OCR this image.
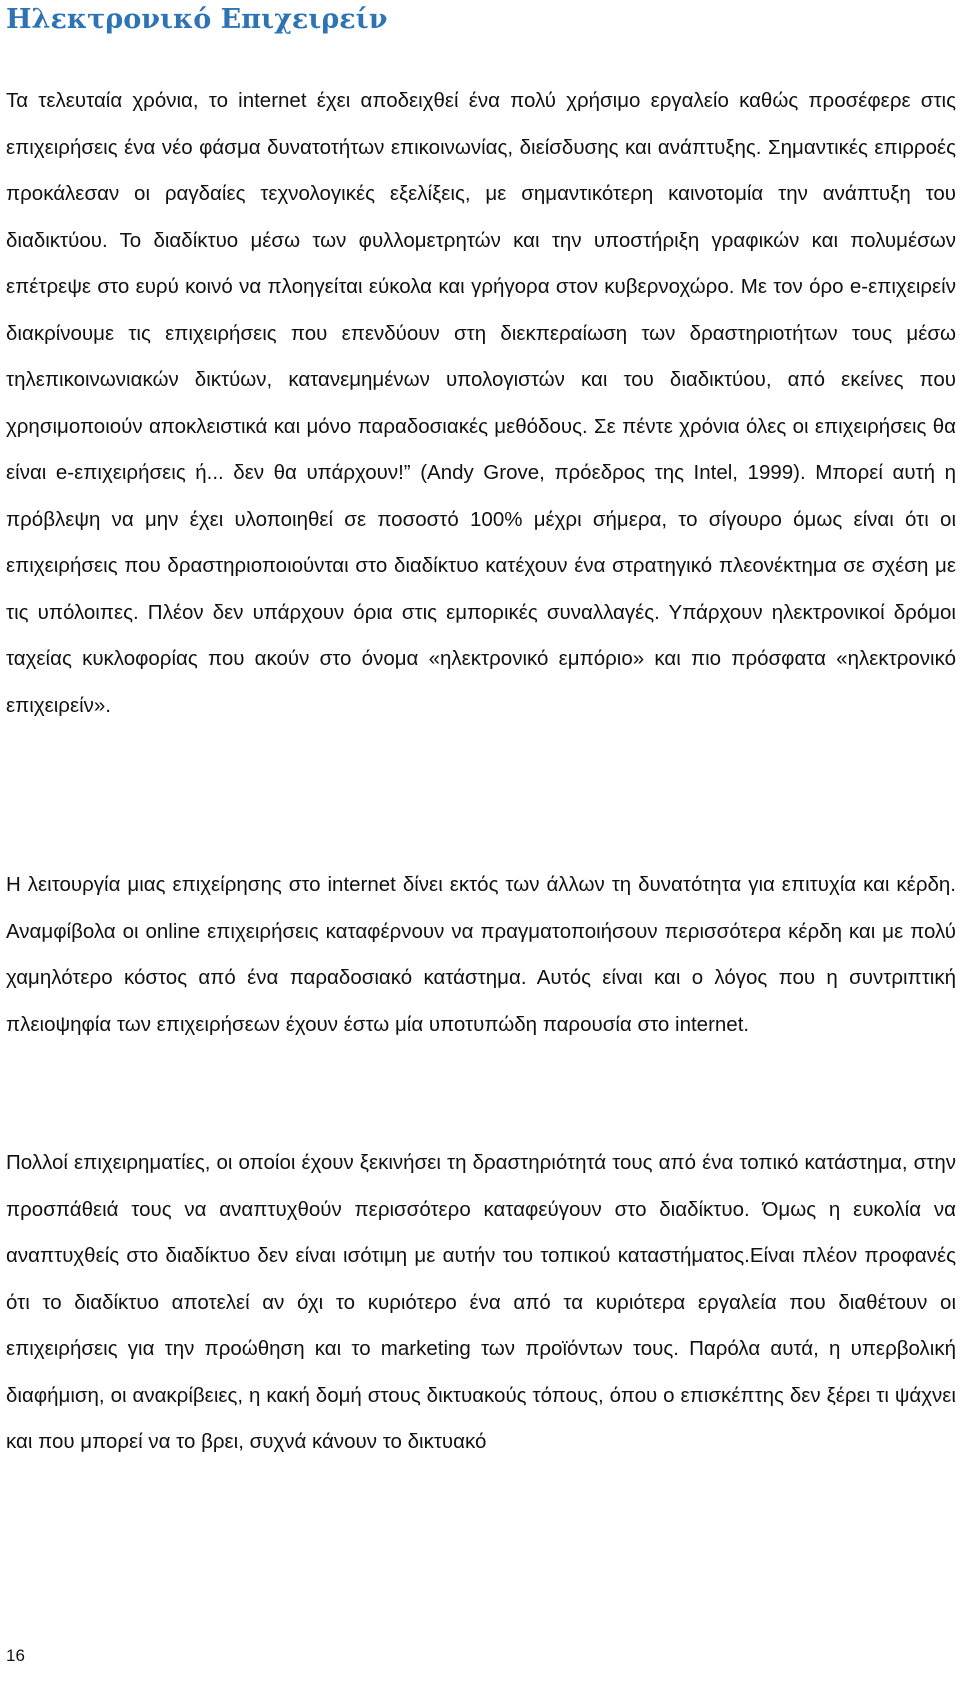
Ηλεκτρονικό Επιχειρείν

Τα τελευταία χρόνια, το internet έχει αποδειχθεί ένα πολύ χρήσιμο εργαλείο καθώς προσέφερε στις επιχειρήσεις ένα νέο φάσμα δυνατοτήτων επικοινωνίας, διείσδυσης και ανάπτυξης. Σημαντικές επιρροές προκάλεσαν οι ραγδαίες τεχνολογικές εξελίξεις, με σημαντικότερη καινοτομία την ανάπτυξη του διαδικτύου. Το διαδίκτυο μέσω των φυλλομετρητών και την υποστήριξη γραφικών και πολυμέσων επέτρεψε στο ευρύ κοινό να πλοηγείται εύκολα και γρήγορα στον κυβερνοχώρο. Με τον όρο e-επιχειρείν διακρίνουμε τις επιχειρήσεις που επενδύουν στη διεκπεραίωση των δραστηριοτήτων τους μέσω τηλεπικοινωνιακών δικτύων, κατανεμημένων υπολογιστών και του διαδικτύου, από εκείνες που χρησιμοποιούν αποκλειστικά και μόνο παραδοσιακές μεθόδους. Σε πέντε χρόνια όλες οι επιχειρήσεις θα είναι e-επιχειρήσεις ή... δεν θα υπάρχουν!” (Andy Grove, πρόεδρος της Intel, 1999). Μπορεί αυτή η πρόβλεψη να μην έχει υλοποιηθεί σε ποσοστό 100% μέχρι σήμερα, το σίγουρο όμως είναι ότι οι επιχειρήσεις που δραστηριοποιούνται στο διαδίκτυο κατέχουν ένα στρατηγικό πλεονέκτημα σε σχέση με τις υπόλοιπες. Πλέον δεν υπάρχουν όρια στις εμπορικές συναλλαγές. Υπάρχουν ηλεκτρονικοί δρόμοι ταχείας κυκλοφορίας που ακούν στο όνομα «ηλεκτρονικό εμπόριο» και πιο πρόσφατα «ηλεκτρονικό επιχειρείν».

Η λειτουργία μιας επιχείρησης στο internet δίνει εκτός των άλλων τη δυνατότητα για επιτυχία και κέρδη. Αναμφίβολα οι online επιχειρήσεις καταφέρνουν να πραγματοποιήσουν περισσότερα κέρδη και με πολύ χαμηλότερο κόστος από ένα παραδοσιακό κατάστημα. Αυτός είναι και ο λόγος που η συντριπτική πλειοψηφία των επιχειρήσεων έχουν έστω μία υποτυπώδη παρουσία στο internet.

Πολλοί επιχειρηματίες, οι οποίοι έχουν ξεκινήσει τη δραστηριότητά τους από ένα τοπικό κατάστημα, στην προσπάθειά τους να αναπτυχθούν περισσότερο καταφεύγουν στο διαδίκτυο. Όμως η ευκολία να αναπτυχθείς στο διαδίκτυο δεν είναι ισότιμη με αυτήν του τοπικού καταστήματος.Είναι πλέον προφανές ότι το διαδίκτυο αποτελεί αν όχι το κυριότερο ένα από τα κυριότερα εργαλεία που διαθέτουν οι επιχειρήσεις για την προώθηση και το marketing των προϊόντων τους. Παρόλα αυτά, η υπερβολική διαφήμιση, οι ανακρίβειες, η κακή δομή στους δικτυακούς τόπους, όπου ο επισκέπτης δεν ξέρει τι ψάχνει και που μπορεί να το βρει, συχνά κάνουν το δικτυακό

16
